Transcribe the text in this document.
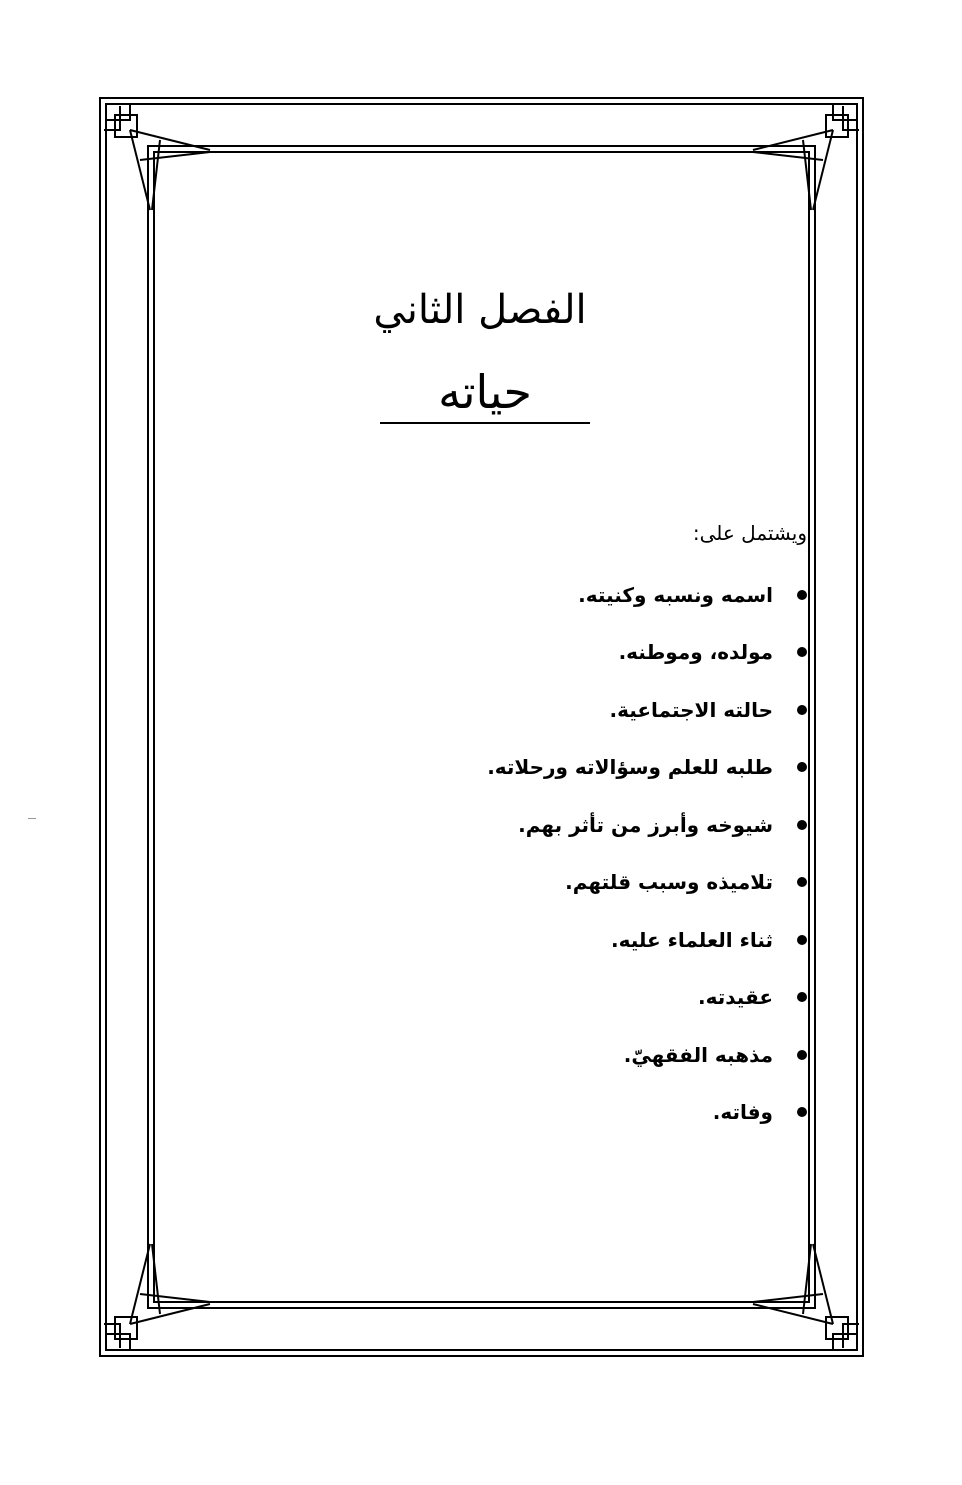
الفصل الثاني
حياته
ويشتمل على:
اسمه ونسبه وكنيته.
مولده، وموطنه.
حالته الاجتماعية.
طلبه للعلم وسؤالاته ورحلاته.
شيوخه وأبرز من تأثر بهم.
تلاميذه وسبب قلتهم.
ثناء العلماء عليه.
عقيدته.
مذهبه الفقهيّ.
وفاته.
